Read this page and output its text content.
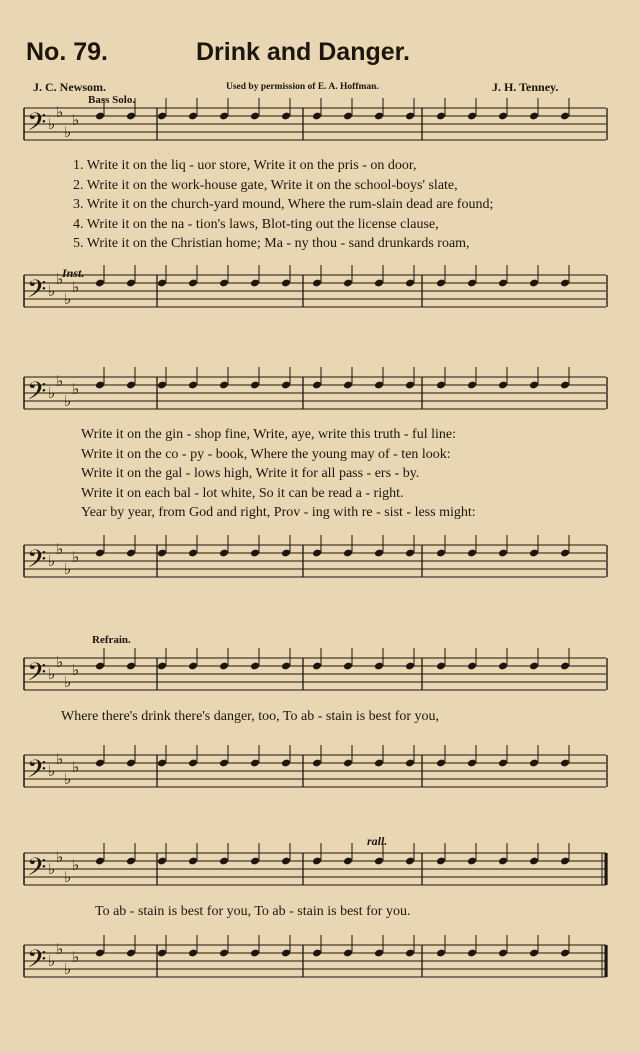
No. 79.	Drink and Danger.
J. C. Newsom.	Used by permission of E. A. Hoffman.	J. H. Tenney.
Bass Solo.
Inst.
Refrain.
rall.
1. Write it on the liq - uor store, Write it on the pris - on door,
2. Write it on the work-house gate, Write it on the school-boys' slate,
3. Write it on the church-yard mound, Where the rum-slain dead are found;
4. Write it on the na - tion's laws, Blot-ting out the license clause,
5. Write it on the Christian home; Ma - ny thou - sand drunkards roam,
Write it on the gin - shop fine, Write, aye, write this truth - ful line:
Write it on the co - py - book, Where the young may of - ten look:
Write it on the gal - lows high, Write it for all pass - ers - by.
Write it on each bal - lot white, So it can be read a - right.
Year by year, from God and right, Prov - ing with re - sist - less might:
Where there's drink there's danger, too, To ab - stain is best for you,
To ab - stain is best for you, To ab - stain is best for you.
𝄢 ♭
♭
♭
♭
𝄢 ♭
♭
♭
♭
𝄢 ♭
♭
♭
♭
𝄢 ♭
♭
♭
♭
𝄢 ♭
♭
♭
♭
𝄢 ♭
♭
♭
♭
𝄢 ♭
♭
♭
♭
𝄢 ♭
♭
♭
♭
